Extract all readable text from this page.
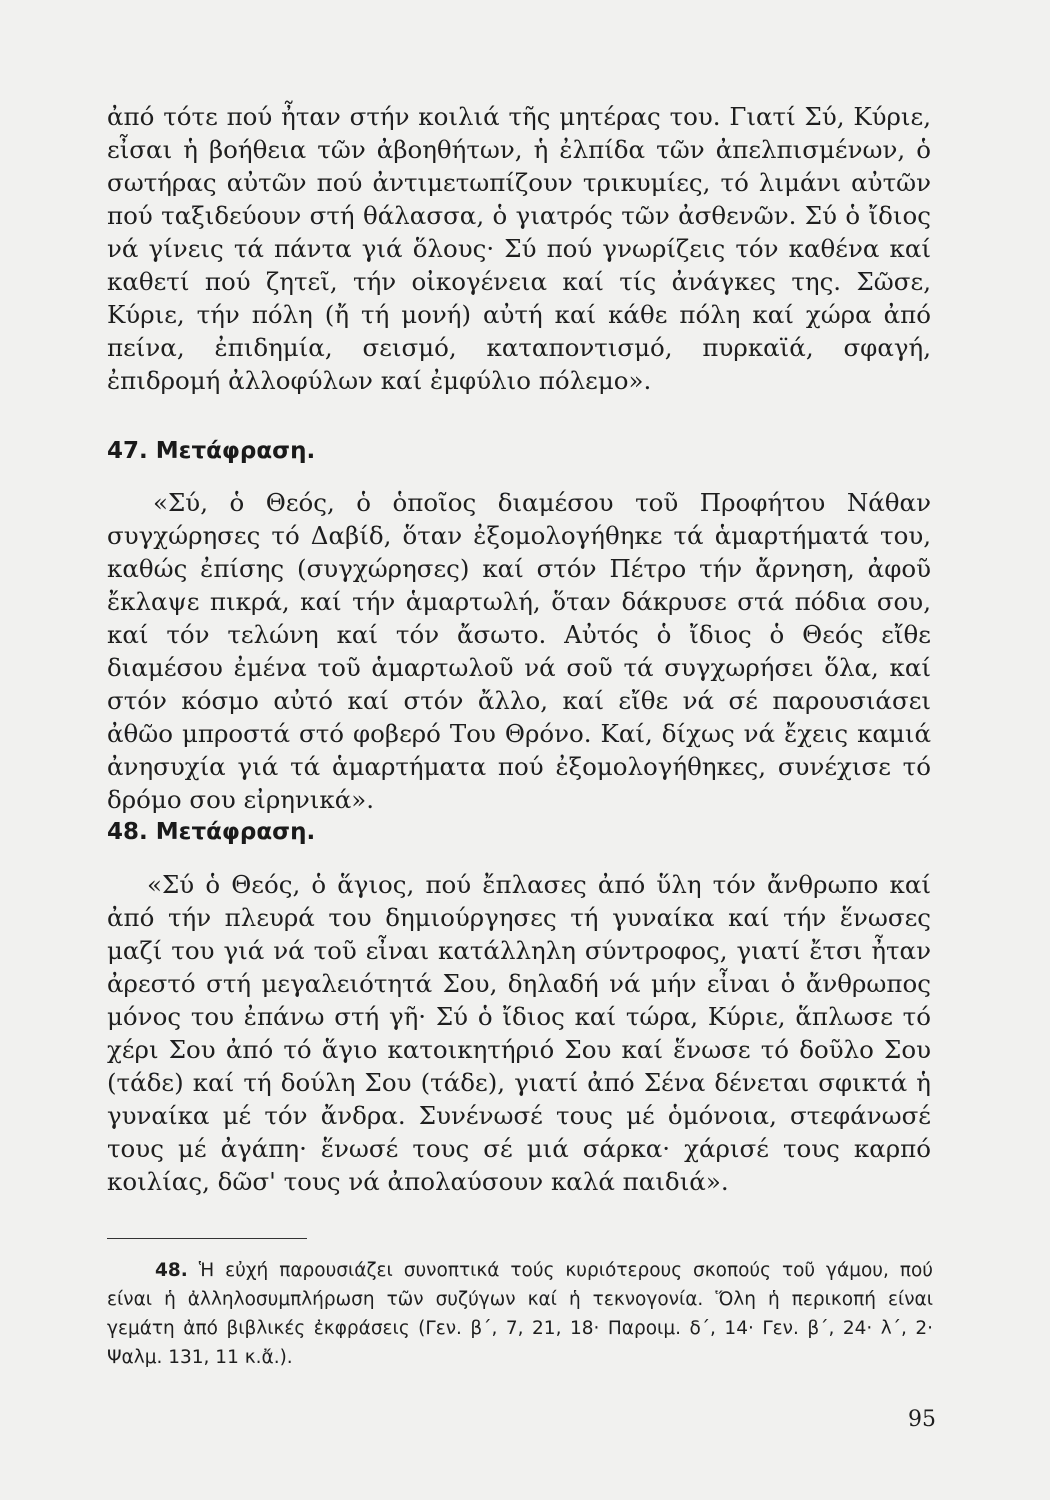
ἀπό τότε πού ἦταν στήν κοιλιά τῆς μητέρας του. Γιατί Σύ, Κύριε, εἶσαι ἡ βοήθεια τῶν ἀβοηθήτων, ἡ ἐλπίδα τῶν ἀπελπισμένων, ὁ σωτήρας αὐτῶν πού ἀντιμετωπίζουν τρικυμίες, τό λιμάνι αὐτῶν πού ταξιδεύουν στή θάλασσα, ὁ γιατρός τῶν ἀσθενῶν. Σύ ὁ ἴδιος νά γίνεις τά πάντα γιά ὅλους· Σύ πού γνωρίζεις τόν καθένα καί καθετί πού ζητεῖ, τήν οἰκογένεια καί τίς ἀνάγκες της. Σῶσε, Κύριε, τήν πόλη (ἤ τή μονή) αὐτή καί κάθε πόλη καί χώρα ἀπό πείνα, ἐπιδημία, σεισμό, καταποντισμό, πυρκαϊά, σφαγή, ἐπιδρομή ἀλλοφύλων καί ἐμφύλιο πόλεμο».

47. Μετάφραση.

«Σύ, ὁ Θεός, ὁ ὁποῖος διαμέσου τοῦ Προφήτου Νάθαν συγχώρησες τό Δαβίδ, ὅταν ἐξομολογήθηκε τά ἁμαρτήματά του, καθώς ἐπίσης (συγχώρησες) καί στόν Πέτρο τήν ἄρνηση, ἀφοῦ ἔκλαψε πικρά, καί τήν ἁμαρτωλή, ὅταν δάκρυσε στά πόδια σου, καί τόν τελώνη καί τόν ἄσωτο. Αὐτός ὁ ἴδιος ὁ Θεός εἴθε διαμέσου ἐμένα τοῦ ἁμαρτωλοῦ νά σοῦ τά συγχωρήσει ὅλα, καί στόν κόσμο αὐτό καί στόν ἄλλο, καί εἴθε νά σέ παρουσιάσει ἀθῶο μπροστά στό φοβερό Του Θρόνο. Καί, δίχως νά ἔχεις καμιά ἀνησυχία γιά τά ἁμαρτήματα πού ἐξομολογήθηκες, συνέχισε τό δρόμο σου εἰρηνικά».

48. Μετάφραση.

«Σύ ὁ Θεός, ὁ ἅγιος, πού ἔπλασες ἀπό ὕλη τόν ἄνθρωπο καί ἀπό τήν πλευρά του δημιούργησες τή γυναίκα καί τήν ἕνωσες μαζί του γιά νά τοῦ εἶναι κατάλληλη σύντροφος, γιατί ἔτσι ἦταν ἀρεστό στή μεγαλειότητά Σου, δηλαδή νά μήν εἶναι ὁ ἄνθρωπος μόνος του ἐπάνω στή γῆ· Σύ ὁ ἴδιος καί τώρα, Κύριε, ἅπλωσε τό χέρι Σου ἀπό τό ἅγιο κατοικητήριό Σου καί ἕνωσε τό δοῦλο Σου (τάδε) καί τή δούλη Σου (τάδε), γιατί ἀπό Σένα δένεται σφικτά ἡ γυναίκα μέ τόν ἄνδρα. Συνένωσέ τους μέ ὁμόνοια, στεφάνωσέ τους μέ ἀγάπη· ἕνωσέ τους σέ μιά σάρκα· χάρισέ τους καρπό κοιλίας, δῶσ' τους νά ἀπολαύσουν καλά παιδιά».

48. Ἡ εὐχή παρουσιάζει συνοπτικά τούς κυριότερους σκοπούς τοῦ γάμου, πού είναι ἡ ἀλληλοσυμπλήρωση τῶν συζύγων καί ἡ τεκνογονία. Ὅλη ἡ περικοπή είναι γεμάτη ἀπό βιβλικές ἐκφράσεις (Γεν. β΄, 7, 21, 18· Παροιμ. δ΄, 14· Γεν. β΄, 24· λ΄, 2· Ψαλμ. 131, 11 κ.ἄ.).

95
